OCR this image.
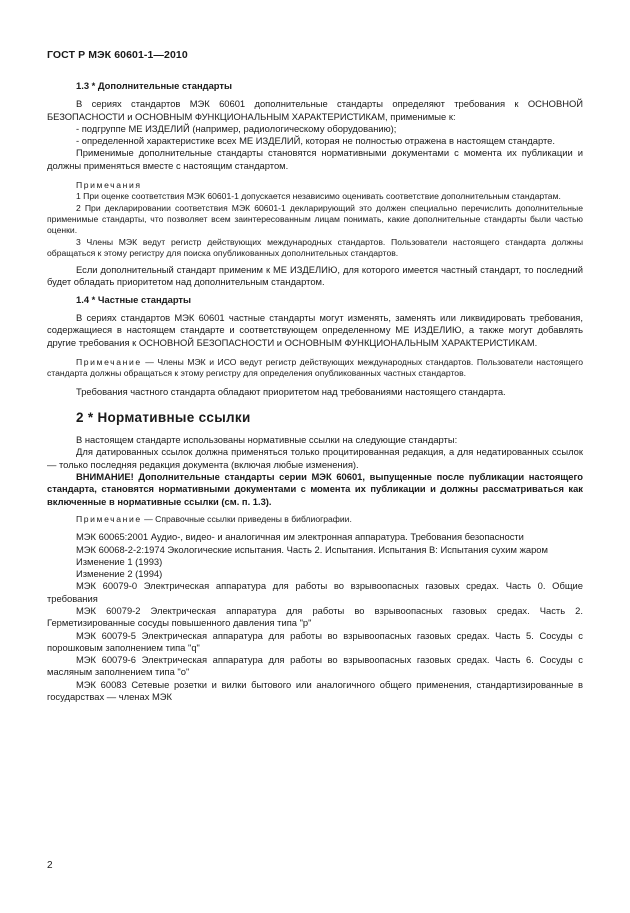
ГОСТ Р МЭК 60601-1—2010

1.3 * Дополнительные стандарты

В сериях стандартов МЭК 60601 дополнительные стандарты определяют требования к ОСНОВНОЙ БЕЗОПАСНОСТИ и ОСНОВНЫМ ФУНКЦИОНАЛЬНЫМ ХАРАКТЕРИСТИКАМ, применимые к:

- подгруппе МЕ ИЗДЕЛИЙ (например, радиологическому оборудованию);

- определенной характеристике всех МЕ ИЗДЕЛИЙ, которая не полностью отражена в настоящем стандарте.

Применимые дополнительные стандарты становятся нормативными документами с момента их публикации и должны применяться вместе с настоящим стандартом.

Примечания

1 При оценке соответствия МЭК 60601-1 допускается независимо оценивать соответствие дополнительным стандартам.

2 При декларировании соответствия МЭК 60601-1 декларирующий это должен специально перечислить дополнительные применимые стандарты, что позволяет всем заинтересованным лицам понимать, какие дополнительные стандарты были частью оценки.

3 Члены МЭК ведут регистр действующих международных стандартов. Пользователи настоящего стандарта должны обращаться к этому регистру для поиска опубликованных дополнительных стандартов.

Если дополнительный стандарт применим к МЕ ИЗДЕЛИЮ, для которого имеется частный стандарт, то последний будет обладать приоритетом над дополнительным стандартом.

1.4 * Частные стандарты

В сериях стандартов МЭК 60601 частные стандарты могут изменять, заменять или ликвидировать требования, содержащиеся в настоящем стандарте и соответствующем определенному МЕ ИЗДЕЛИЮ, а также могут добавлять другие требования к ОСНОВНОЙ БЕЗОПАСНОСТИ и ОСНОВНЫМ ФУНКЦИОНАЛЬНЫМ ХАРАКТЕРИСТИКАМ.

Примечание — Члены МЭК и ИСО ведут регистр действующих международных стандартов. Пользователи настоящего стандарта должны обращаться к этому регистру для определения опубликованных частных стандартов.

Требования частного стандарта обладают приоритетом над требованиями настоящего стандарта.

2 * Нормативные ссылки

В настоящем стандарте использованы нормативные ссылки на следующие стандарты:

Для датированных ссылок должна применяться только процитированная редакция, а для недатированных ссылок — только последняя редакция документа (включая любые изменения).

ВНИМАНИЕ! Дополнительные стандарты серии МЭК 60601, выпущенные после публикации настоящего стандарта, становятся нормативными документами с момента их публикации и должны рассматриваться как включенные в нормативные ссылки (см. п. 1.3).

Примечание — Справочные ссылки приведены в библиографии.

МЭК 60065:2001 Аудио-, видео- и аналогичная им электронная аппаратура. Требования безопасности

МЭК 60068-2-2:1974 Экологические испытания. Часть 2. Испытания. Испытания В: Испытания сухим жаром

Изменение 1 (1993)

Изменение 2 (1994)

МЭК 60079-0 Электрическая аппаратура для работы во взрывоопасных газовых средах. Часть 0. Общие требования

МЭК 60079-2 Электрическая аппаратура для работы во взрывоопасных газовых средах. Часть 2. Герметизированные сосуды повышенного давления типа "р"

МЭК 60079-5 Электрическая аппаратура для работы во взрывоопасных газовых средах. Часть 5. Сосуды с порошковым заполнением типа "q"

МЭК 60079-6 Электрическая аппаратура для работы во взрывоопасных газовых средах. Часть 6. Сосуды с масляным заполнением типа "о"

МЭК 60083 Сетевые розетки и вилки бытового или аналогичного общего применения, стандартизированные в государствах — членах МЭК

2
